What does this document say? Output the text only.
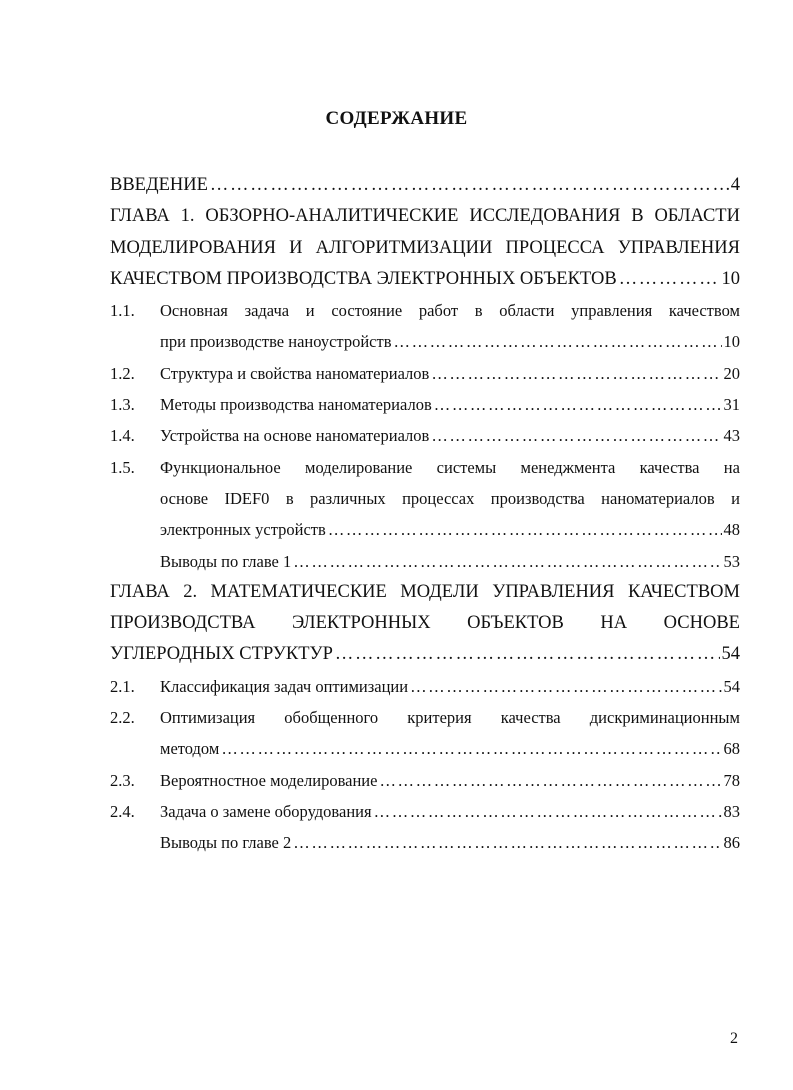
СОДЕРЖАНИЕ
ВВЕДЕНИЕ …………………………………………………………………………………………………………………………………………………………	4
ГЛАВА 1. ОБЗОРНО-АНАЛИТИЧЕСКИЕ ИССЛЕДОВАНИЯ В ОБЛАСТИ
МОДЕЛИРОВАНИЯ И АЛГОРИТМИЗАЦИИ ПРОЦЕССА УПРАВЛЕНИЯ
КАЧЕСТВОМ ПРОИЗВОДСТВА ЭЛЕКТРОННЫХ ОБЪЕКТОВ …………………………………………………………………………………………………………………………………………………………	10
1.1.	Основная задача и состояние работ в области управления качеством
при производстве наноустройств …………………………………………………………………………………………………………………………………………………………	10
1.2.	Структура и свойства наноматериалов …………………………………………………………………………………………………………………………………………………………	20
1.3.	Методы производства наноматериалов …………………………………………………………………………………………………………………………………………………………	31
1.4.	Устройства на основе наноматериалов …………………………………………………………………………………………………………………………………………………………	43
1.5.	Функциональное моделирование системы менеджмента качества на
основе IDEF0 в различных процессах производства наноматериалов и
электронных устройств …………………………………………………………………………………………………………………………………………………………	48
Выводы по главе 1 …………………………………………………………………………………………………………………………………………………………	53
ГЛАВА 2. МАТЕМАТИЧЕСКИЕ МОДЕЛИ УПРАВЛЕНИЯ КАЧЕСТВОМ
ПРОИЗВОДСТВА ЭЛЕКТРОННЫХ ОБЪЕКТОВ НА ОСНОВЕ
УГЛЕРОДНЫХ СТРУКТУР …………………………………………………………………………………………………………………………………………………………	54
2.1.	Классификация задач оптимизации …………………………………………………………………………………………………………………………………………………………	54
2.2.	Оптимизация обобщенного критерия качества дискриминационным
методом …………………………………………………………………………………………………………………………………………………………	68
2.3.	Вероятностное моделирование …………………………………………………………………………………………………………………………………………………………	78
2.4.	Задача о замене оборудования …………………………………………………………………………………………………………………………………………………………	83
Выводы по главе 2 …………………………………………………………………………………………………………………………………………………………	86
2
